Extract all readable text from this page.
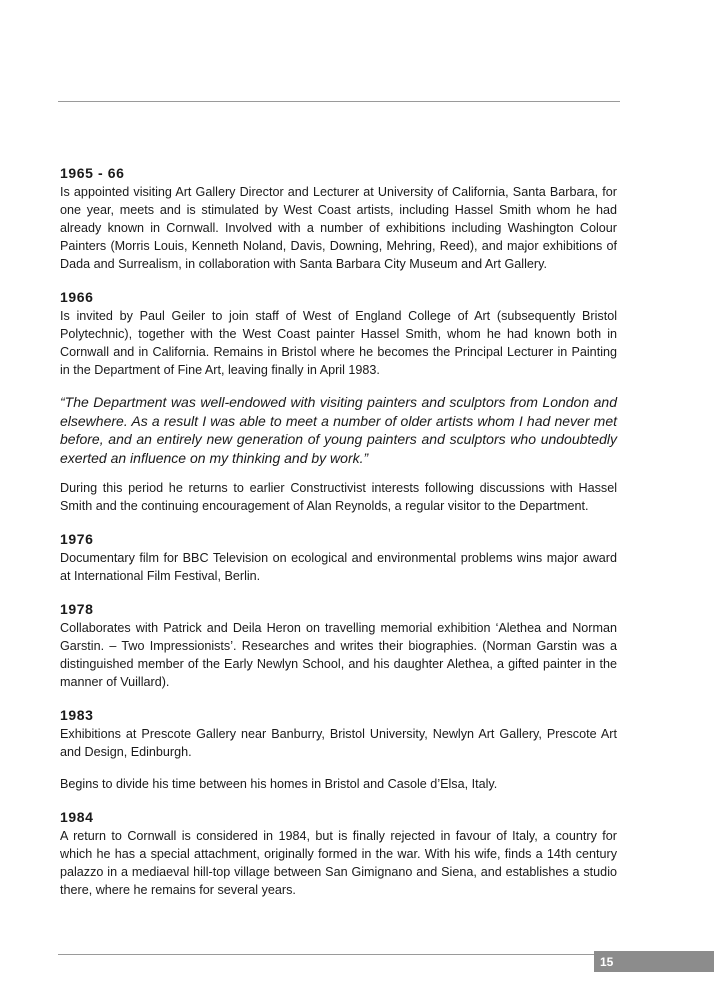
1965 - 66

Is appointed visiting Art Gallery Director and Lecturer at University of California, Santa Barbara, for one year, meets and is stimulated by West Coast artists, including Hassel Smith whom he had already known in Cornwall. Involved with a number of exhibitions including Washington Colour Painters (Morris Louis, Kenneth Noland, Davis, Downing, Mehring, Reed), and major exhibitions of Dada and Surrealism, in collaboration with Santa Barbara City Museum and Art Gallery.

1966

Is invited by Paul Geiler to join staff of West of England College of Art (subsequently Bristol Polytechnic), together with the West Coast painter Hassel Smith, whom he had known both in Cornwall and in California. Remains in Bristol where he becomes the Principal Lecturer in Painting in the Department of Fine Art, leaving finally in April 1983.

“The Department was well-endowed with visiting painters and sculptors from London and elsewhere. As a result I was able to meet a number of older artists whom I had never met before, and an entirely new generation of young painters and sculptors who undoubtedly exerted an influence on my thinking and by work.”

During this period he returns to earlier Constructivist interests following discussions with Hassel Smith and the continuing encouragement of Alan Reynolds, a regular visitor to the Department.

1976

Documentary film for BBC Television on ecological and environmental problems wins major award at International Film Festival, Berlin.

1978

Collaborates with Patrick and Deila Heron on travelling memorial exhibition ‘Alethea and Norman Garstin. – Two Impressionists’. Researches and writes their biographies. (Norman Garstin was a distinguished member of the Early Newlyn School, and his daughter Alethea, a gifted painter in the manner of Vuillard).

1983

Exhibitions at Prescote Gallery near Banburry, Bristol University, Newlyn Art Gallery, Prescote Art and Design, Edinburgh.

Begins to divide his time between his homes in Bristol and Casole d’Elsa, Italy.

1984

A return to Cornwall is considered in 1984, but is finally rejected in favour of Italy, a country for which he has a special attachment, originally formed in the war. With his wife, finds a 14th century palazzo in a mediaeval hill-top village between San Gimignano and Siena, and establishes a studio there, where he remains for several years.

15
